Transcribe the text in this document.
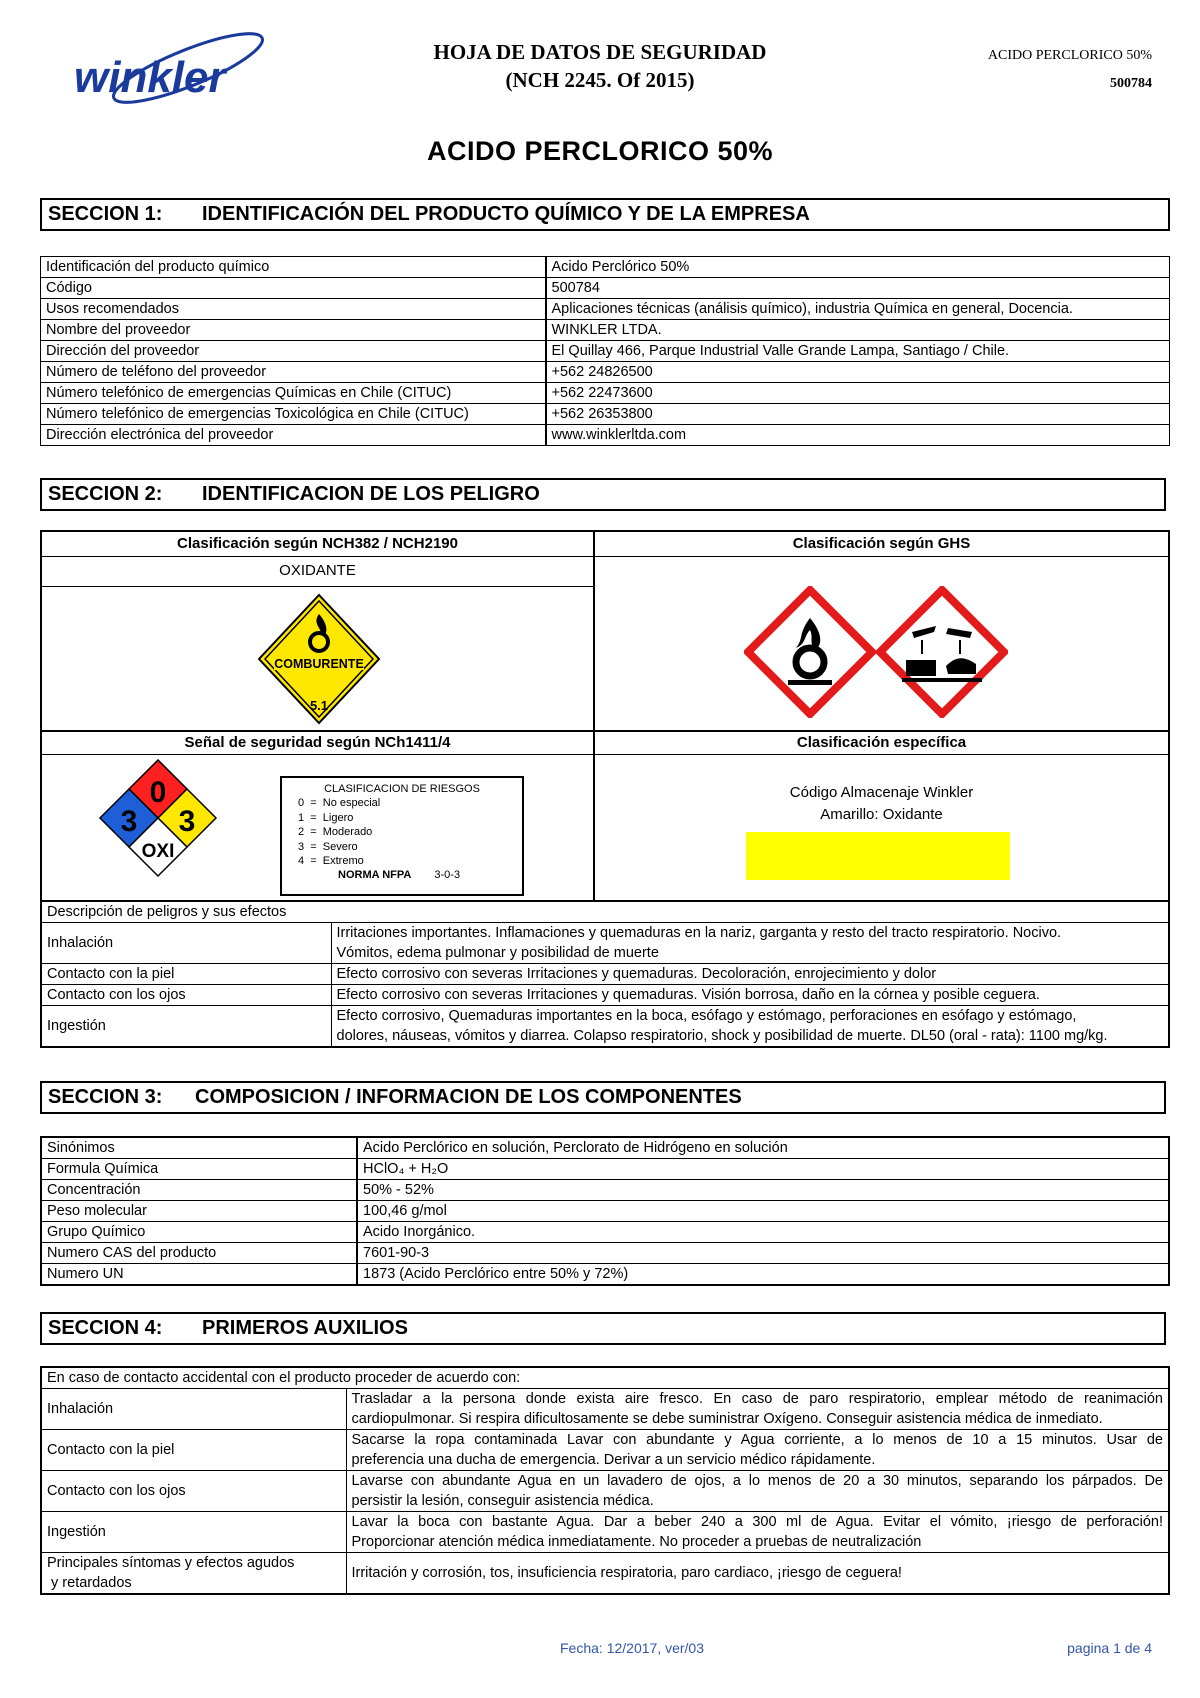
winkler
HOJA DE DATOS DE SEGURIDAD
(NCH 2245. Of 2015)
ACIDO PERCLORICO 50%
500784
ACIDO PERCLORICO 50%
SECCION 1: IDENTIFICACIÓN DEL PRODUCTO QUÍMICO Y DE LA EMPRESA
Identificación del producto químico	Acido Perclórico 50%
Código	500784
Usos recomendados	Aplicaciones técnicas (análisis químico), industria Química en general, Docencia.
Nombre del proveedor	WINKLER LTDA.
Dirección del proveedor	El Quillay 466, Parque Industrial Valle Grande Lampa, Santiago / Chile.
Número de teléfono del proveedor	+562 24826500
Número telefónico de emergencias Químicas en Chile (CITUC)	+562 22473600
Número telefónico de emergencias Toxicológica en Chile (CITUC)	+562 26353800
Dirección electrónica del proveedor	www.winklerltda.com
SECCION 2: IDENTIFICACION DE LOS PELIGRO
Clasificación según NCH382 / NCH2190
OXIDANTE
COMBURENTE
5.1
Clasificación según GHS
Señal de seguridad según NCh1411/4	Clasificación específica
0
3 3
OXI
CLASIFICACION DE RIESGOS
0  =  No especial
1  =  Ligero
2  =  Moderado
3  =  Severo
4  =  Extremo
NORMA NFPA 3-0-3
Código Almacenaje Winkler
Amarillo: Oxidante
Descripción de peligros y sus efectos	

Inhalación	Irritaciones importantes. Inflamaciones y quemaduras en la nariz, garganta y resto del tracto respiratorio. Nocivo.
Vómitos, edema pulmonar y posibilidad de muerte

Contacto con la piel	Efecto corrosivo con severas Irritaciones y quemaduras. Decoloración, enrojecimiento y dolor

Contacto con los ojos	Efecto corrosivo con severas Irritaciones y quemaduras. Visión borrosa, daño en la córnea y posible ceguera.

Ingestión	Efecto corrosivo, Quemaduras importantes en la boca, esófago y estómago, perforaciones en esófago y estómago,
dolores, náuseas, vómitos y diarrea. Colapso respiratorio, shock y posibilidad de muerte. DL50 (oral - rata): 1100 mg/kg.
SECCION 3: COMPOSICION / INFORMACION DE LOS COMPONENTES
Sinónimos	Acido Perclórico en solución, Perclorato de Hidrógeno en solución
Formula Química	HClO₄ + H₂O
Concentración	50% - 52%
Peso molecular	100,46 g/mol
Grupo Químico	Acido Inorgánico.
Numero CAS del producto	7601-90-3
Numero UN	1873 (Acido Perclórico entre 50% y 72%)
SECCION 4: PRIMEROS AUXILIOS
En caso de contacto accidental con el producto proceder de acuerdo con:	

Inhalación	Trasladar a la persona donde exista aire fresco. En caso de paro respiratorio, emplear método de reanimación
cardiopulmonar. Si respira dificultosamente se debe suministrar Oxígeno. Conseguir asistencia médica de inmediato.

Contacto con la piel	Sacarse la ropa contaminada Lavar con abundante y Agua corriente, a lo menos de 10 a 15 minutos. Usar de
preferencia una ducha de emergencia. Derivar a un servicio médico rápidamente.

Contacto con los ojos	Lavarse con abundante Agua en un lavadero de ojos, a lo menos de 20 a 30 minutos, separando los párpados. De
persistir la lesión, conseguir asistencia médica.

Ingestión	Lavar la boca con bastante Agua. Dar a beber 240 a 300 ml de Agua. Evitar el vómito, ¡riesgo de perforación!
Proporcionar atención médica inmediatamente. No proceder a pruebas de neutralización

Principales síntomas y efectos agudos
y retardados	Irritación y corrosión, tos, insuficiencia respiratoria, paro cardiaco, ¡riesgo de ceguera!
Fecha: 12/2017, ver/03	pagina 1 de 4
